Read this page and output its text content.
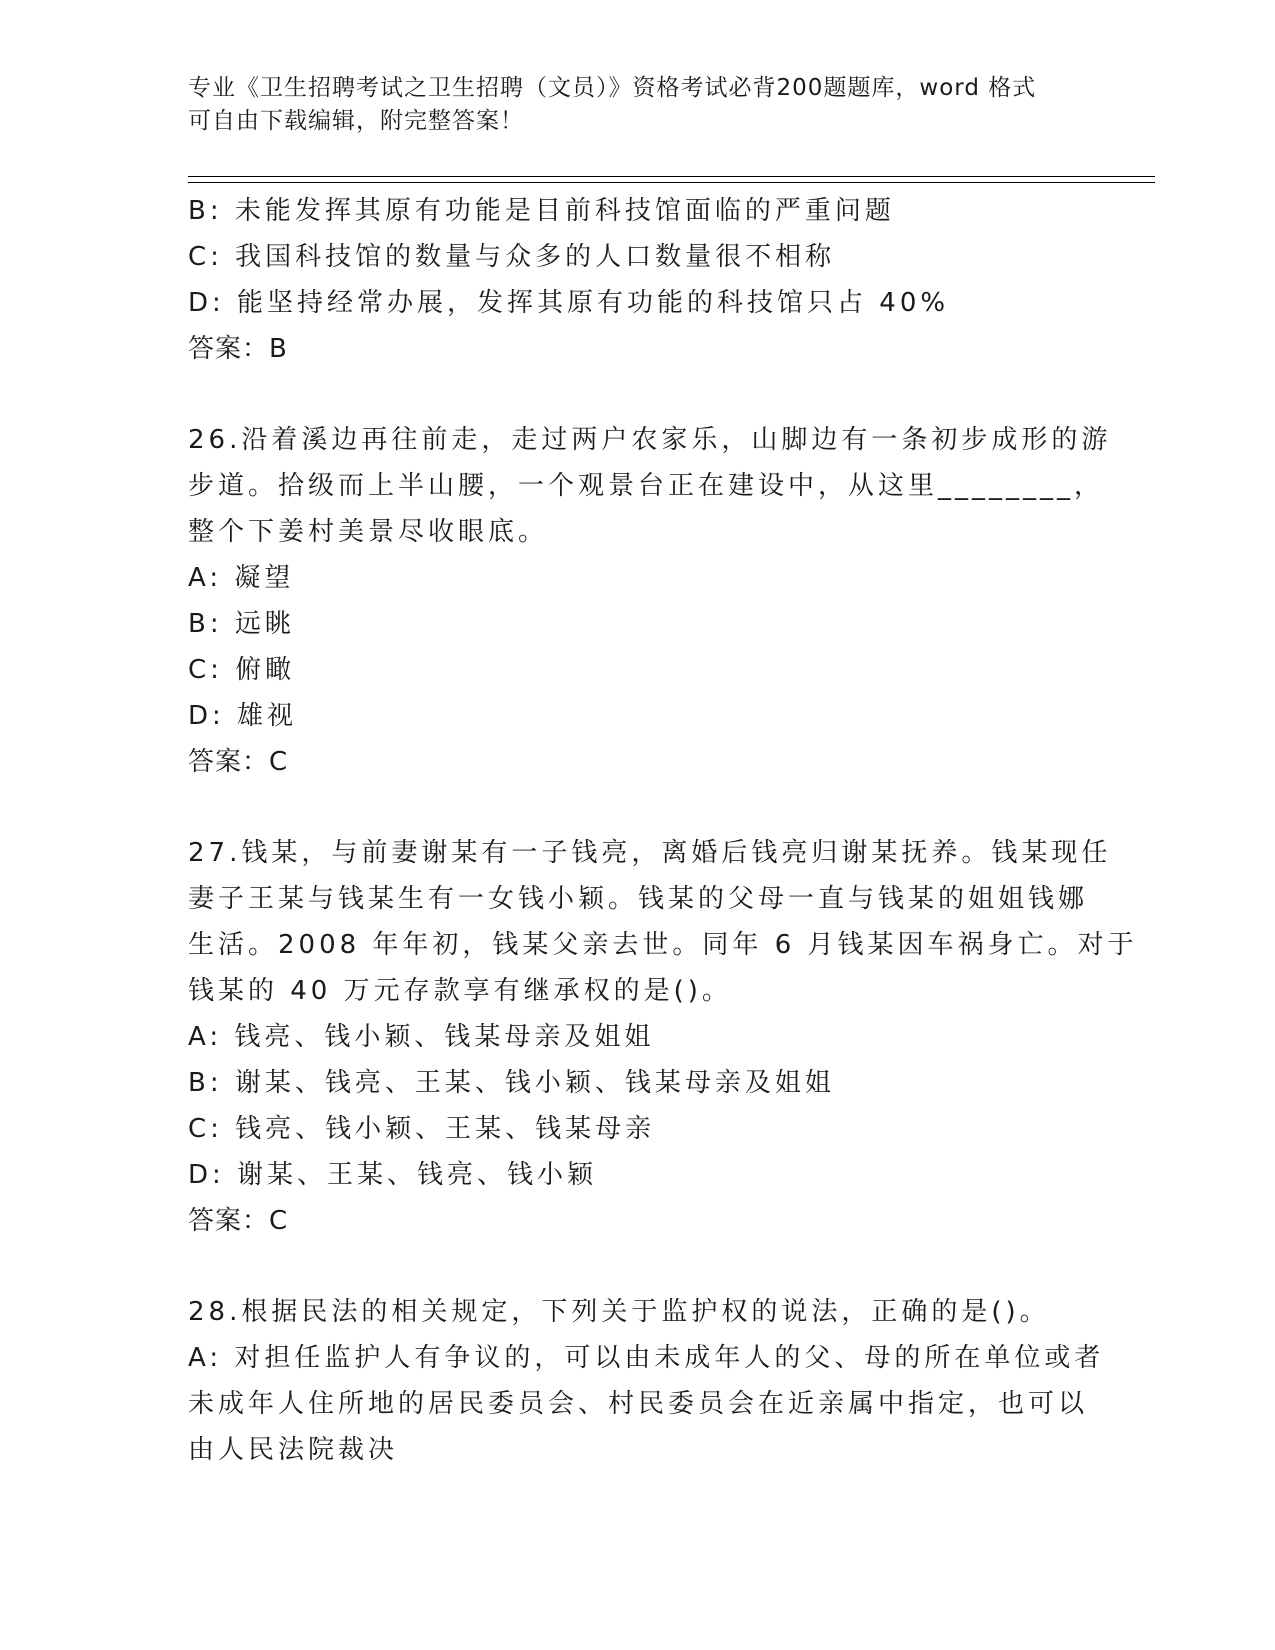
专业《卫生招聘考试之卫生招聘（文员）》资格考试必背200题题库，word 格式
可自由下载编辑，附完整答案！
B: 未能发挥其原有功能是目前科技馆面临的严重问题
C: 我国科技馆的数量与众多的人口数量很不相称
D: 能坚持经常办展，发挥其原有功能的科技馆只占 40%
答案：B
26.沿着溪边再往前走，走过两户农家乐，山脚边有一条初步成形的游
步道。拾级而上半山腰，一个观景台正在建设中，从这里________，
整个下姜村美景尽收眼底。
A: 凝望
B: 远眺
C: 俯瞰
D: 雄视
答案：C
27.钱某，与前妻谢某有一子钱亮，离婚后钱亮归谢某抚养。钱某现任
妻子王某与钱某生有一女钱小颖。钱某的父母一直与钱某的姐姐钱娜
生活。2008 年年初，钱某父亲去世。同年 6 月钱某因车祸身亡。对于
钱某的 40 万元存款享有继承权的是()。
A: 钱亮、钱小颖、钱某母亲及姐姐
B: 谢某、钱亮、王某、钱小颖、钱某母亲及姐姐
C: 钱亮、钱小颖、王某、钱某母亲
D: 谢某、王某、钱亮、钱小颖
答案：C
28.根据民法的相关规定，下列关于监护权的说法，正确的是()。
A: 对担任监护人有争议的，可以由未成年人的父、母的所在单位或者
未成年人住所地的居民委员会、村民委员会在近亲属中指定，也可以
由人民法院裁决
